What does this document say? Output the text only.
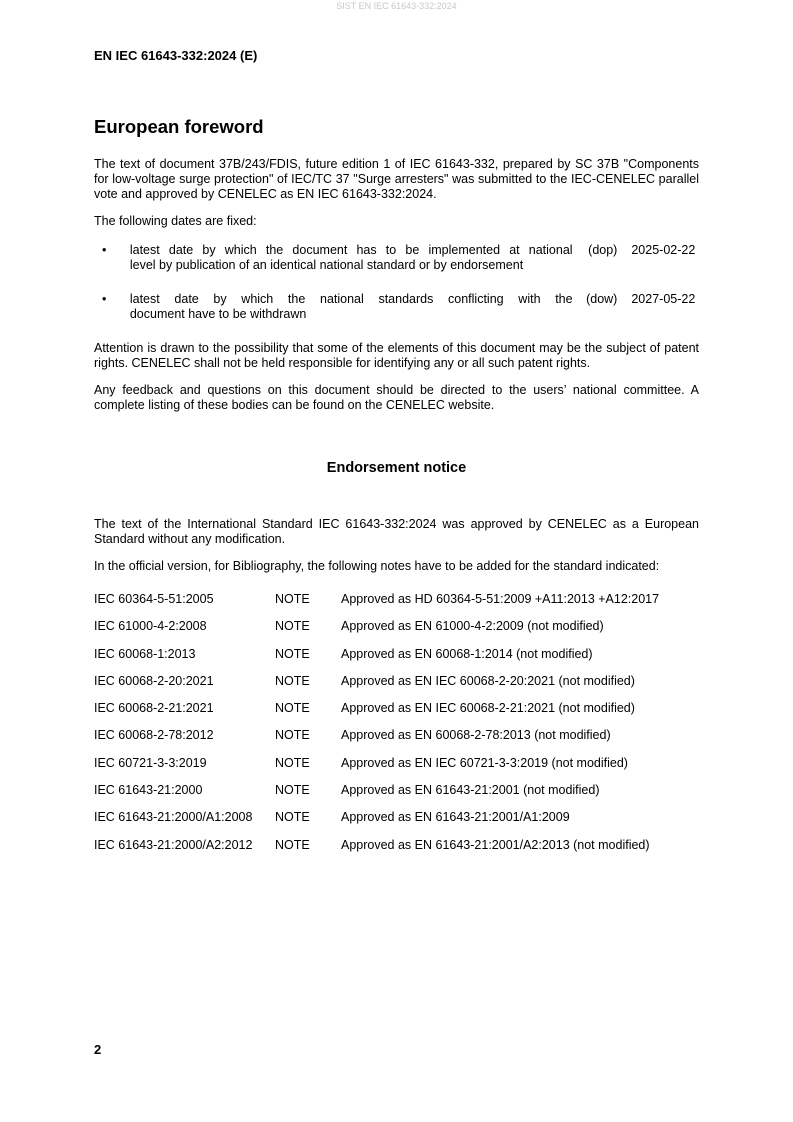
SIST EN IEC 61643-332:2024
EN IEC 61643-332:2024 (E)
European foreword

The text of document 37B/243/FDIS, future edition 1 of IEC 61643-332, prepared by SC 37B "Components for low-voltage surge protection" of IEC/TC 37 "Surge arresters" was submitted to the IEC-CENELEC parallel vote and approved by CENELEC as EN IEC 61643-332:2024.

The following dates are fixed:

•	latest date by which the document has to be implemented at national
level by publication of an identical national standard or by endorsement
(dop)	2025-02-22
•	latest date by which the national standards conflicting with the
document have to be withdrawn
(dow)	2027-05-22

Attention is drawn to the possibility that some of the elements of this document may be the subject of patent rights. CENELEC shall not be held responsible for identifying any or all such patent rights.

Any feedback and questions on this document should be directed to the users’ national committee. A complete listing of these bodies can be found on the CENELEC website.

Endorsement notice

The text of the International Standard IEC 61643-332:2024 was approved by CENELEC as a European Standard without any modification.

In the official version, for Bibliography, the following notes have to be added for the standard indicated:

IEC 60364-5-51:2005	NOTE	Approved as HD 60364-5-51:2009 +A11:2013 +A12:2017
IEC 61000-4-2:2008	NOTE	Approved as EN 61000-4-2:2009 (not modified)
IEC 60068-1:2013	NOTE	Approved as EN 60068-1:2014 (not modified)
IEC 60068-2-20:2021	NOTE	Approved as EN IEC 60068-2-20:2021 (not modified)
IEC 60068-2-21:2021	NOTE	Approved as EN IEC 60068-2-21:2021 (not modified)
IEC 60068-2-78:2012	NOTE	Approved as EN 60068-2-78:2013 (not modified)
IEC 60721-3-3:2019	NOTE	Approved as EN IEC 60721-3-3:2019 (not modified)
IEC 61643-21:2000	NOTE	Approved as EN 61643-21:2001 (not modified)
IEC 61643-21:2000/A1:2008	NOTE	Approved as EN 61643-21:2001/A1:2009
IEC 61643-21:2000/A2:2012	NOTE	Approved as EN 61643-21:2001/A2:2013 (not modified)
2
